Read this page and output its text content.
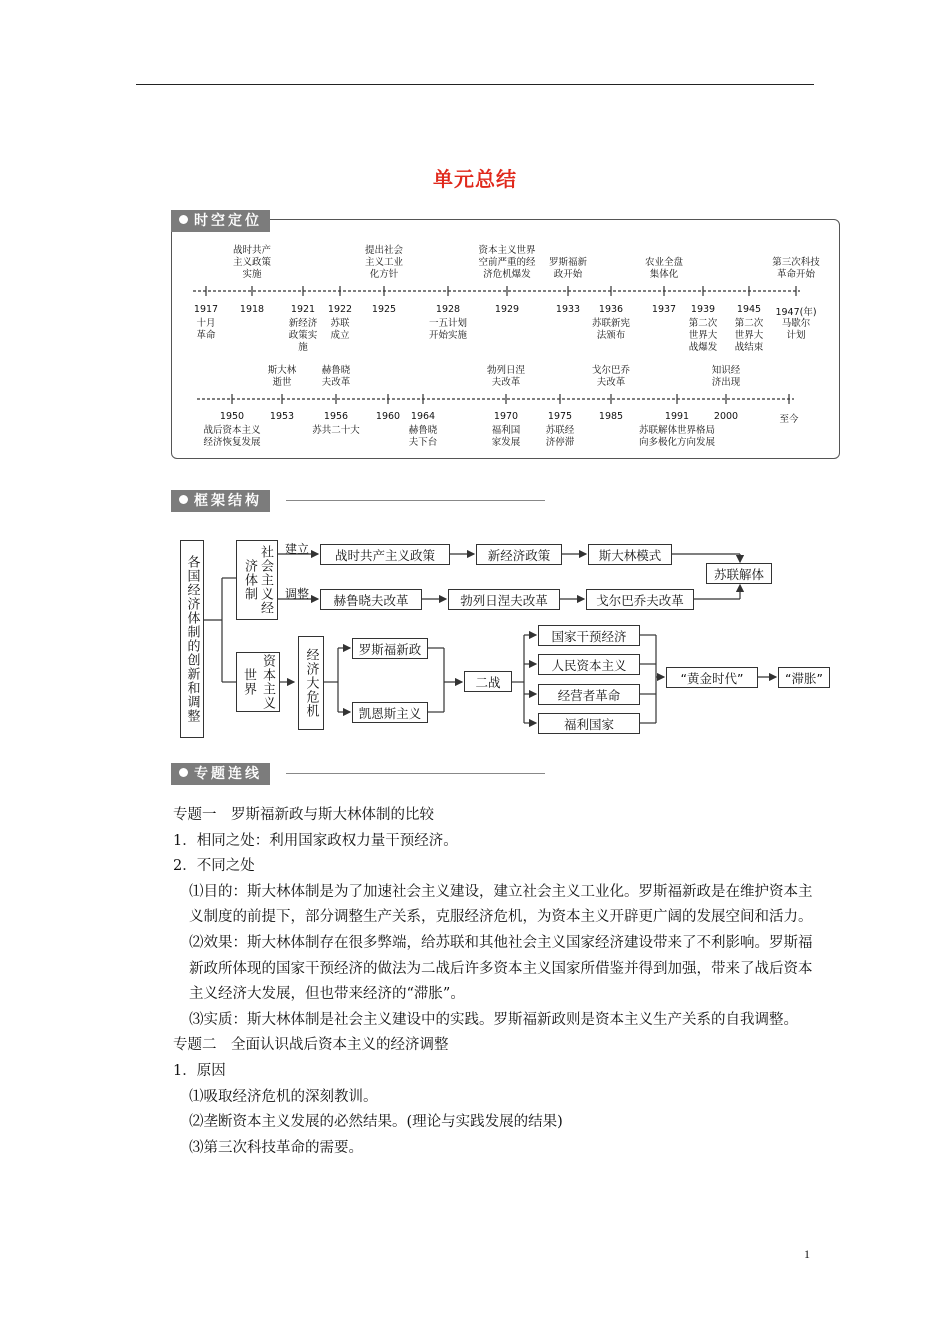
单元总结
时空定位
1917	1918	1921	1922	1925	1928	1929	1933	1936	1937	1939	1945	1947(年)
战时共产
主义政策
实施
提出社会
主义工业
化方针
资本主义世界
空前严重的经
济危机爆发
罗斯福新
政开始
农业全盘
集体化
第三次科技
革命开始
十月
革命
新经济
政策实
施
苏联
成立
一五计划
开始实施
苏联新宪
法颁布
第二次
世界大
战爆发
第二次
世界大
战结束
马歇尔
计划
1950	1953	1956	1960	1964	1970	1975	1985	1991	2000	至今
斯大林
逝世
赫鲁晓
夫改革
勃列日涅
夫改革
戈尔巴乔
夫改革
知识经
济出现
战后资本主义
经济恢复发展
苏共二十大	赫鲁晓
夫下台
福利国
家发展
苏联经
济停滞
苏联解体世界格局
向多极化方向发展
框架结构
各国经济体制的创新和调整	社会主义经济体制
建立
调整
战时共产主义政策	新经济政策	斯大林模式
赫鲁晓夫改革	勃列日涅夫改革	戈尔巴乔夫改革
苏联解体
资本主义世界	经济大危机	罗斯福新政
凯恩斯主义
二战
国家干预经济
人民资本主义
经营者革命
福利国家
“黄金时代”	“滞胀”
专题连线

专题一　罗斯福新政与斯大林体制的比较

1．相同之处：利用国家政权力量干预经济。

2．不同之处

⑴目的：斯大林体制是为了加速社会主义建设，建立社会主义工业化。罗斯福新政是在维护资本主义制度的前提下，部分调整生产关系，克服经济危机，为资本主义开辟更广阔的发展空间和活力。

⑵效果：斯大林体制存在很多弊端，给苏联和其他社会主义国家经济建设带来了不利影响。罗斯福新政所体现的国家干预经济的做法为二战后许多资本主义国家所借鉴并得到加强，带来了战后资本主义经济大发展，但也带来经济的“滞胀”。

⑶实质：斯大林体制是社会主义建设中的实践。罗斯福新政则是资本主义生产关系的自我调整。

专题二　全面认识战后资本主义的经济调整

1．原因

⑴吸取经济危机的深刻教训。

⑵垄断资本主义发展的必然结果。(理论与实践发展的结果)

⑶第三次科技革命的需要。

1
